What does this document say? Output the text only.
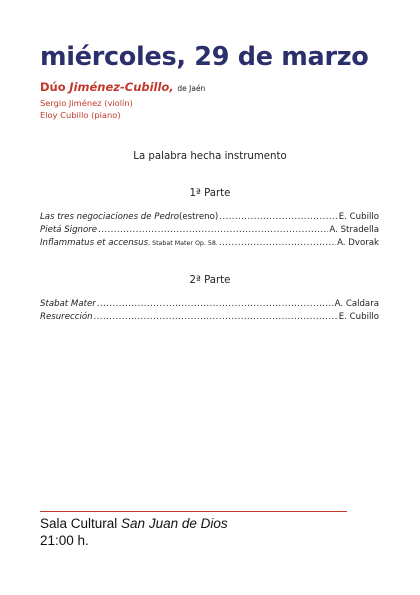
miércoles, 29 de marzo
Dúo Jiménez-Cubillo, de Jaén
Sergio Jiménez (violín)
Eloy Cubillo (piano)
La palabra hecha instrumento
1ª Parte
Las tres negociaciones de Pedro (estreno) .....	E. Cubillo
Pietá Signore .....	A. Stradella
Inflammatus et accensus , Stabat Mater Op. 58. .....	A. Dvorak
2ª Parte
Stabat Mater .....	A. Caldara
Resurección .....	E. Cubillo
Sala Cultural San Juan de Dios
21:00 h.
